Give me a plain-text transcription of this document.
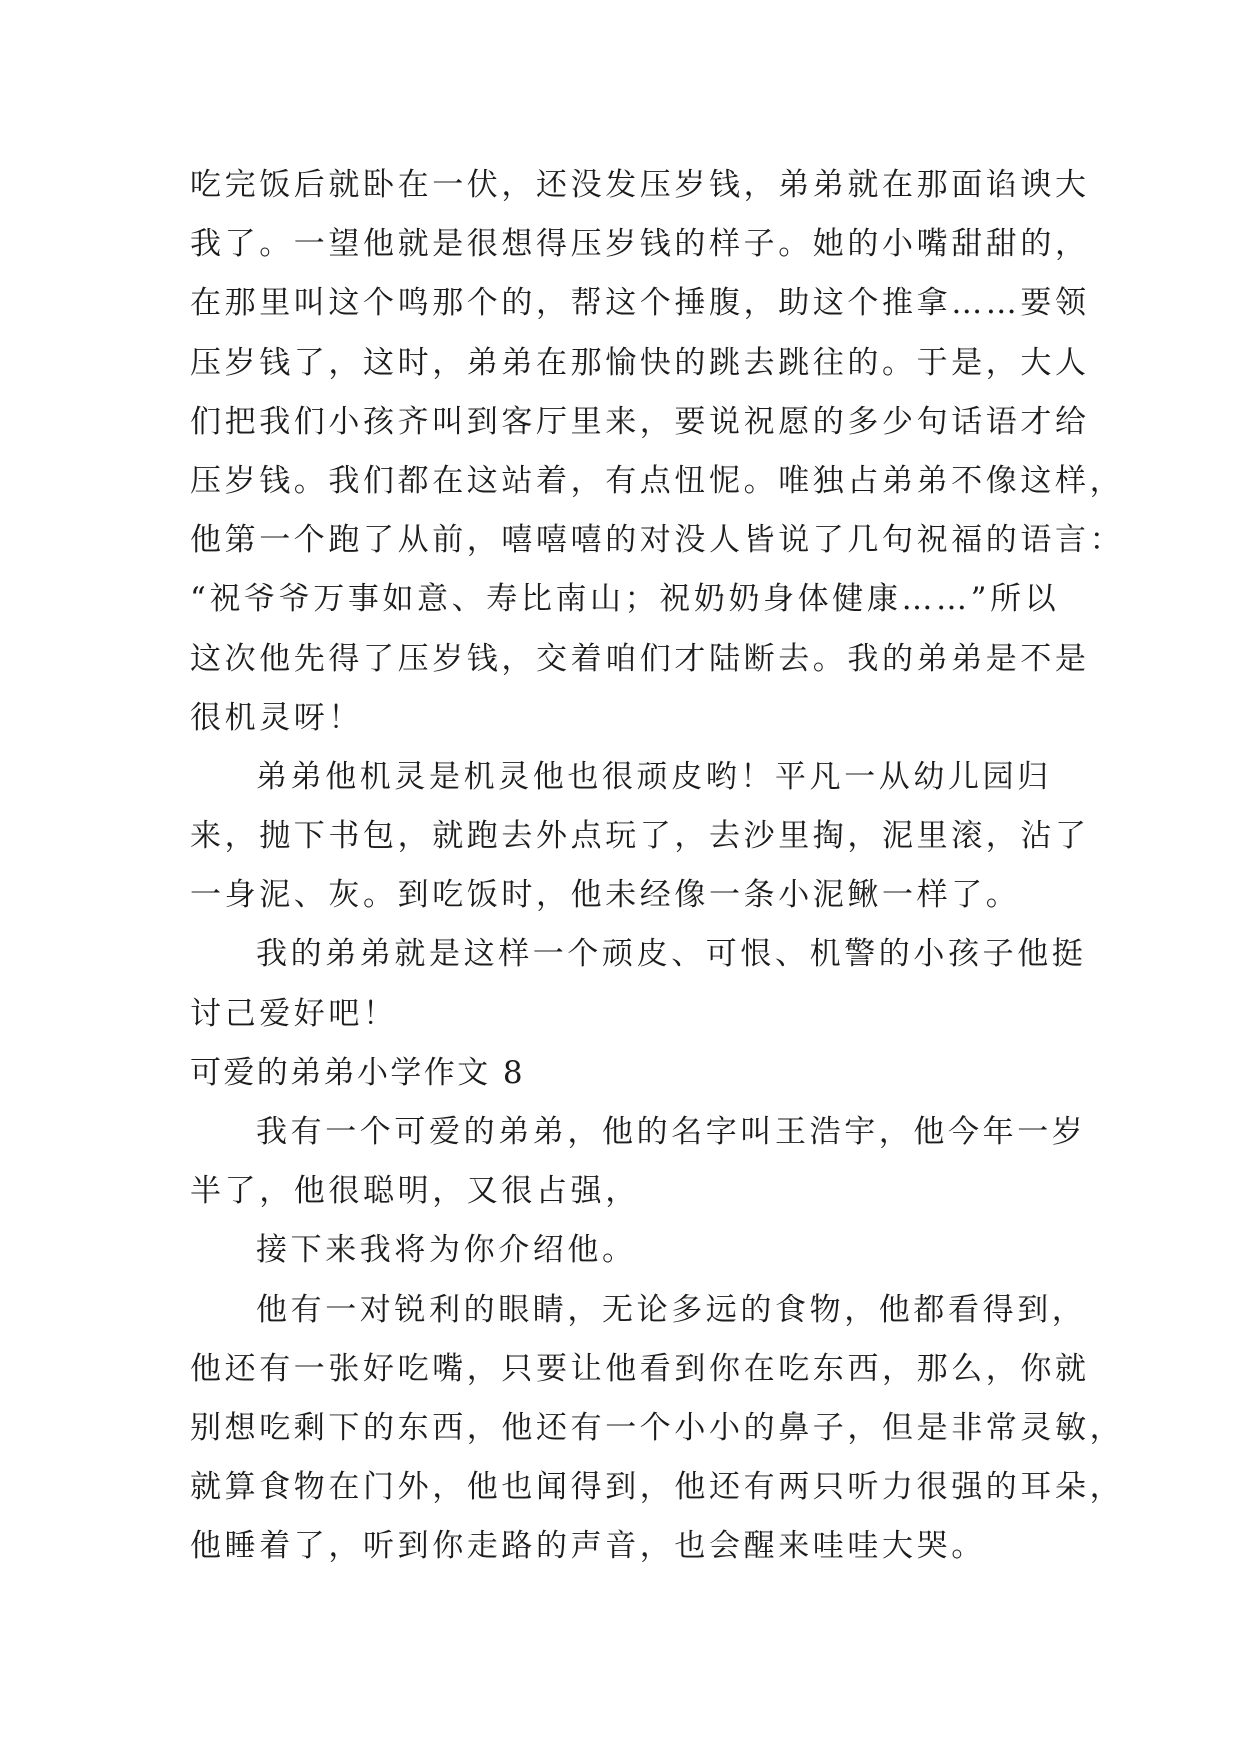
吃完饭后就卧在一伏，还没发压岁钱，弟弟就在那面谄谀大
我了。一望他就是很想得压岁钱的样子。她的小嘴甜甜的，
在那里叫这个鸣那个的，帮这个捶腹，助这个推拿……要领
压岁钱了，这时，弟弟在那愉快的跳去跳往的。于是，大人
们把我们小孩齐叫到客厅里来，要说祝愿的多少句话语才给
压岁钱。我们都在这站着，有点忸怩。唯独占弟弟不像这样，
他第一个跑了从前，嘻嘻嘻的对没人皆说了几句祝福的语言：
“祝爷爷万事如意、寿比南山；祝奶奶身体健康……”所以
这次他先得了压岁钱，交着咱们才陆断去。我的弟弟是不是
很机灵呀！
弟弟他机灵是机灵他也很顽皮哟！平凡一从幼儿园归
来，抛下书包，就跑去外点玩了，去沙里掏，泥里滚，沾了
一身泥、灰。到吃饭时，他未经像一条小泥鳅一样了。
我的弟弟就是这样一个顽皮、可恨、机警的小孩子他挺
讨己爱好吧！
可爱的弟弟小学作文 8
我有一个可爱的弟弟，他的名字叫王浩宇，他今年一岁
半了，他很聪明，又很占强，
接下来我将为你介绍他。
他有一对锐利的眼睛，无论多远的食物，他都看得到，
他还有一张好吃嘴，只要让他看到你在吃东西，那么，你就
别想吃剩下的东西，他还有一个小小的鼻子，但是非常灵敏，
就算食物在门外，他也闻得到，他还有两只听力很强的耳朵，
他睡着了，听到你走路的声音，也会醒来哇哇大哭。
